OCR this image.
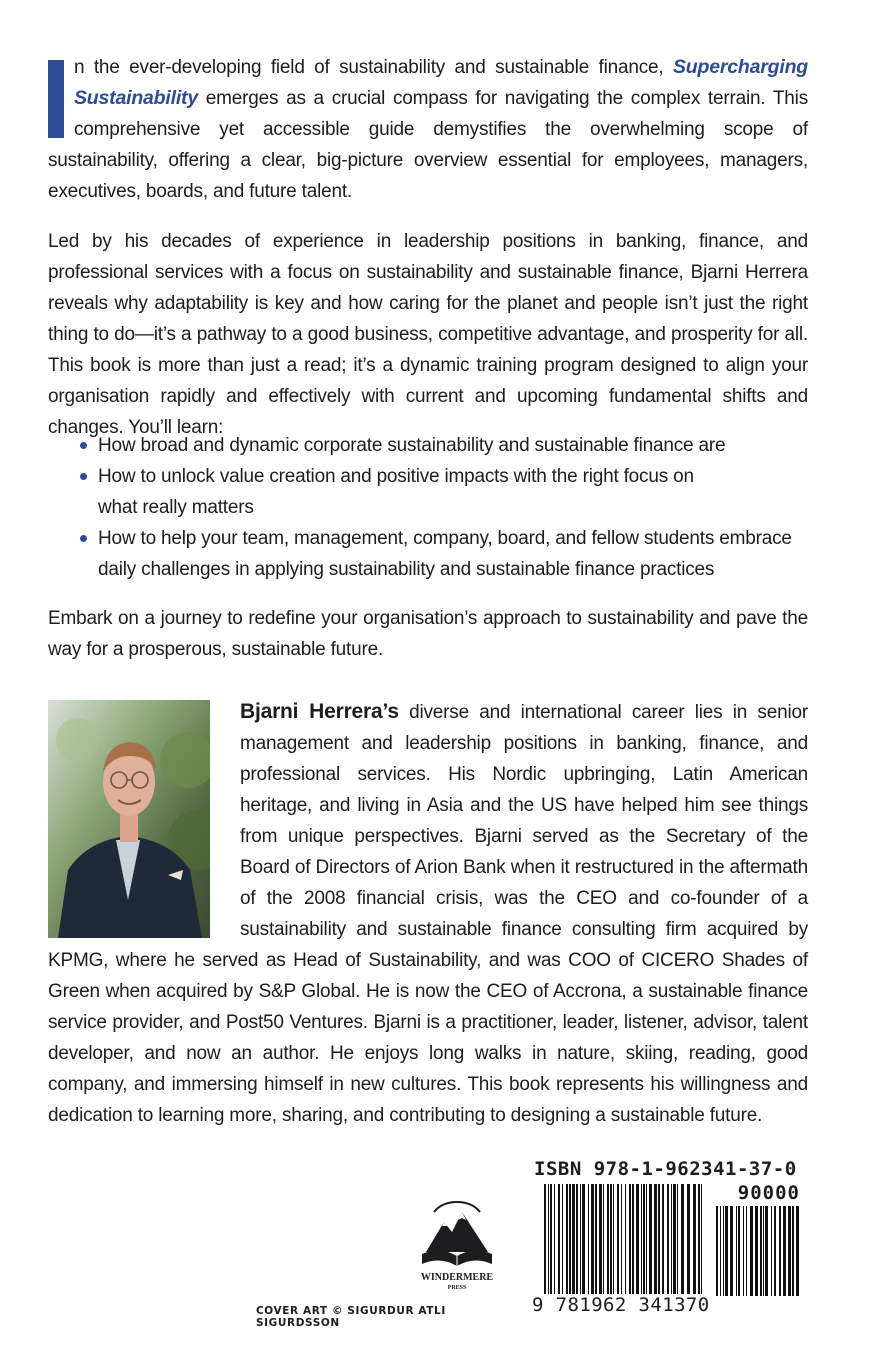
n the ever-developing field of sustainability and sustainable finance, Supercharging Sustainability emerges as a crucial compass for navigating the complex terrain. This comprehensive yet accessible guide demystifies the overwhelming scope of sustainability, offering a clear, big-picture overview essential for employees, managers, executives, boards, and future talent.

Led by his decades of experience in leadership positions in banking, finance, and professional services with a focus on sustainability and sustainable finance, Bjarni Herrera reveals why adaptability is key and how caring for the planet and people isn’t just the right thing to do—it’s a pathway to a good business, competitive advantage, and prosperity for all. This book is more than just a read; it’s a dynamic training program designed to align your organisation rapidly and effectively with current and upcoming fundamental shifts and changes. You’ll learn:

How broad and dynamic corporate sustainability and sustainable finance are
How to unlock value creation and positive impacts with the right focus on what really matters
How to help your team, management, company, board, and fellow students embrace daily challenges in applying sustainability and sustainable finance practices

Embark on a journey to redefine your organisation’s approach to sustainability and pave the way for a prosperous, sustainable future.

Bjarni Herrera’s diverse and international career lies in senior management and leadership positions in banking, finance, and professional services. His Nordic upbringing, Latin American heritage, and living in Asia and the US have helped him see things from unique perspectives. Bjarni served as the Secretary of the Board of Directors of Arion Bank when it restructured in the aftermath of the 2008 financial crisis, was the CEO and co-founder of a sustainability and sustainable finance consulting firm acquired by KPMG, where he served as Head of Sustainability, and was COO of CICERO Shades of Green when acquired by S&P Global. He is now the CEO of Accrona, a sustainable finance service provider, and Post50 Ventures. Bjarni is a practitioner, leader, listener, advisor, talent developer, and now an author. He enjoys long walks in nature, skiing, reading, good company, and immersing himself in new cultures. This book represents his willingness and dedication to learning more, sharing, and contributing to designing a sustainable future.

WINDERMERE
PRESS
COVER ART © SIGURDUR ATLI SIGURDSSON
ISBN 978-1-962341-37-0
90000
9 781962 341370
